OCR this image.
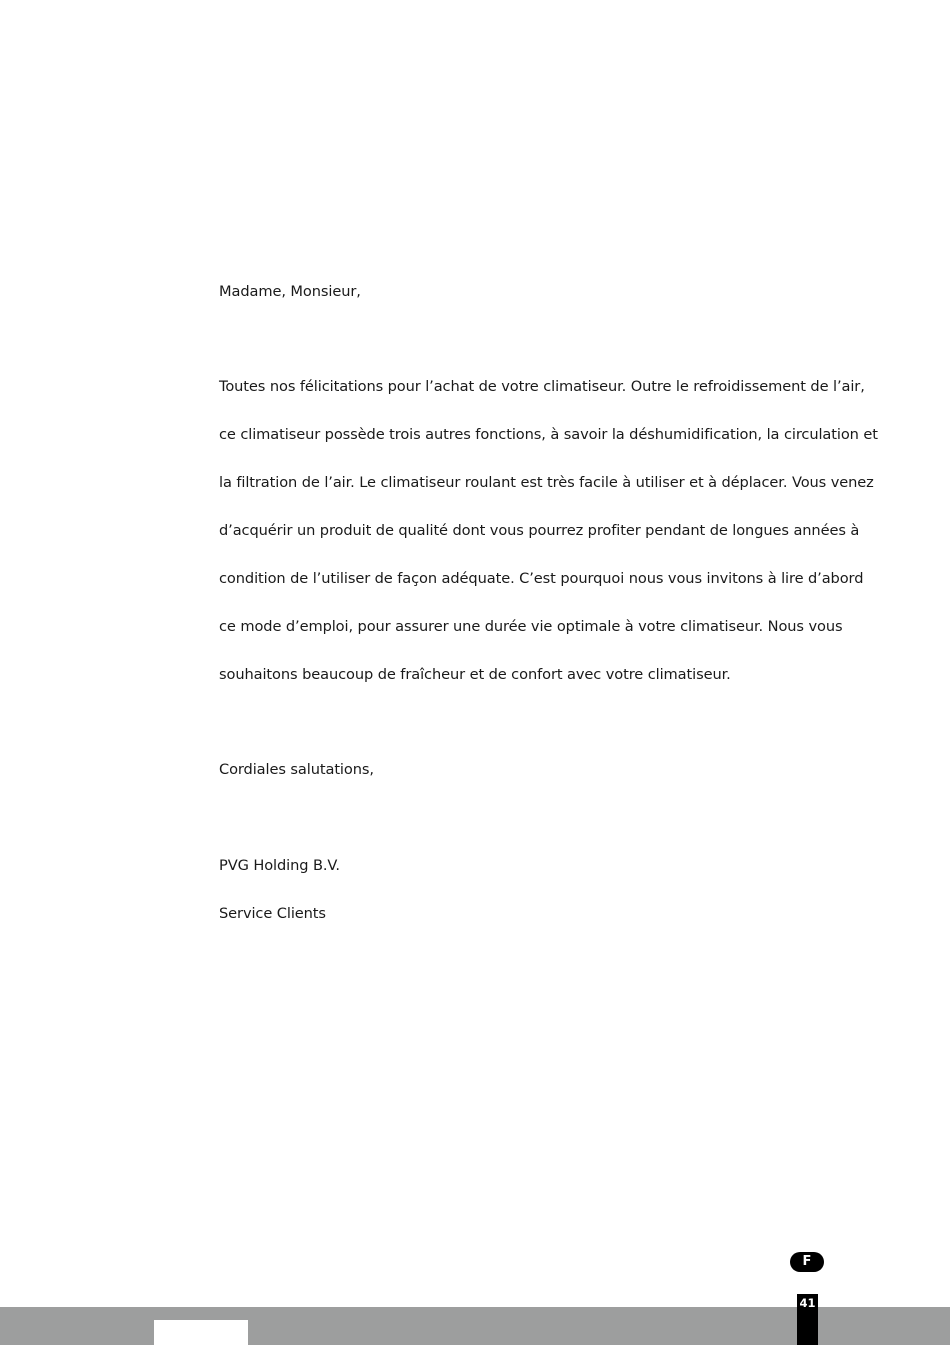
Madame, Monsieur,
Toutes nos félicitations pour l’achat de votre climatiseur. Outre le refroidissement de l’air,
ce climatiseur possède trois autres fonctions, à savoir la déshumidification, la circulation et
la filtration de l’air. Le climatiseur roulant est très facile à utiliser et à déplacer. Vous venez
d’acquérir un produit de qualité dont vous pourrez profiter pendant de longues années à
condition de l’utiliser de façon adéquate. C’est pourquoi nous vous invitons à lire d’abord
ce mode d’emploi, pour assurer une durée vie optimale à votre climatiseur. Nous vous
souhaitons beaucoup de fraîcheur et de confort avec votre climatiseur.
Cordiales salutations,
PVG Holding B.V.
Service Clients
F
41
